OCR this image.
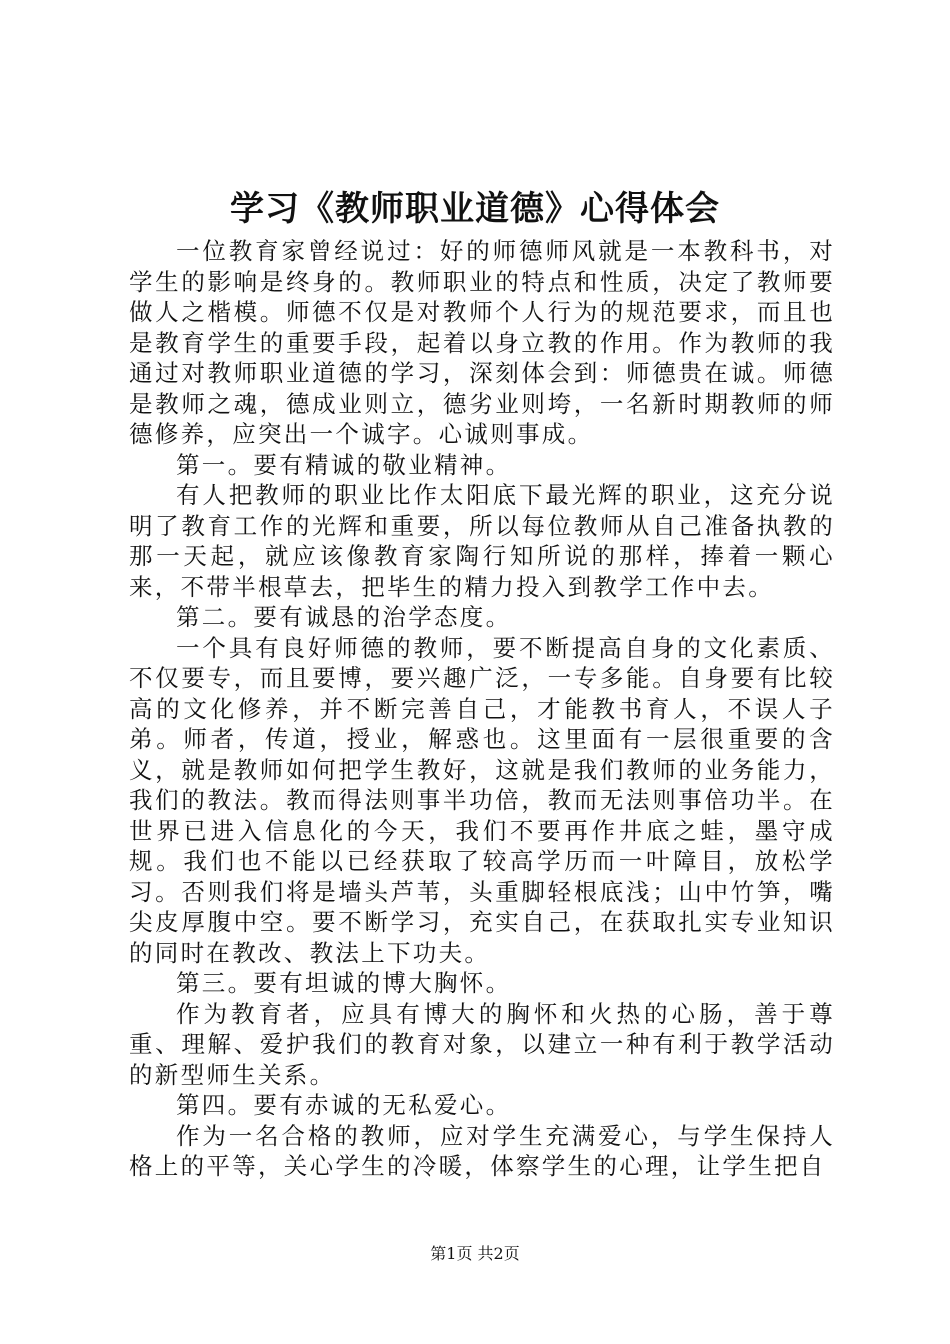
学习《教师职业道德》心得体会

一位教育家曾经说过：好的师德师风就是一本教科书，对学生的影响是终身的。教师职业的特点和性质，决定了教师要做人之楷模。师德不仅是对教师个人行为的规范要求，而且也是教育学生的重要手段，起着以身立教的作用。作为教师的我通过对教师职业道德的学习，深刻体会到：师德贵在诚。师德是教师之魂，德成业则立，德劣业则垮，一名新时期教师的师德修养，应突出一个诚字。心诚则事成。

第一。要有精诚的敬业精神。

有人把教师的职业比作太阳底下最光辉的职业，这充分说明了教育工作的光辉和重要，所以每位教师从自己准备执教的那一天起，就应该像教育家陶行知所说的那样，捧着一颗心来，不带半根草去，把毕生的精力投入到教学工作中去。

第二。要有诚恳的治学态度。

一个具有良好师德的教师，要不断提高自身的文化素质、不仅要专，而且要博，要兴趣广泛，一专多能。自身要有比较高的文化修养，并不断完善自己，才能教书育人，不误人子弟。师者，传道，授业，解惑也。这里面有一层很重要的含义，就是教师如何把学生教好，这就是我们教师的业务能力，我们的教法。教而得法则事半功倍，教而无法则事倍功半。在世界已进入信息化的今天，我们不要再作井底之蛙，墨守成规。我们也不能以已经获取了较高学历而一叶障目，放松学习。否则我们将是墙头芦苇，头重脚轻根底浅；山中竹笋，嘴尖皮厚腹中空。要不断学习，充实自己，在获取扎实专业知识的同时在教改、教法上下功夫。

第三。要有坦诚的博大胸怀。

作为教育者，应具有博大的胸怀和火热的心肠，善于尊重、理解、爱护我们的教育对象，以建立一种有利于教学活动的新型师生关系。

第四。要有赤诚的无私爱心。

作为一名合格的教师，应对学生充满爱心，与学生保持人格上的平等，关心学生的冷暖，体察学生的心理，让学生把自

第1页 共2页
